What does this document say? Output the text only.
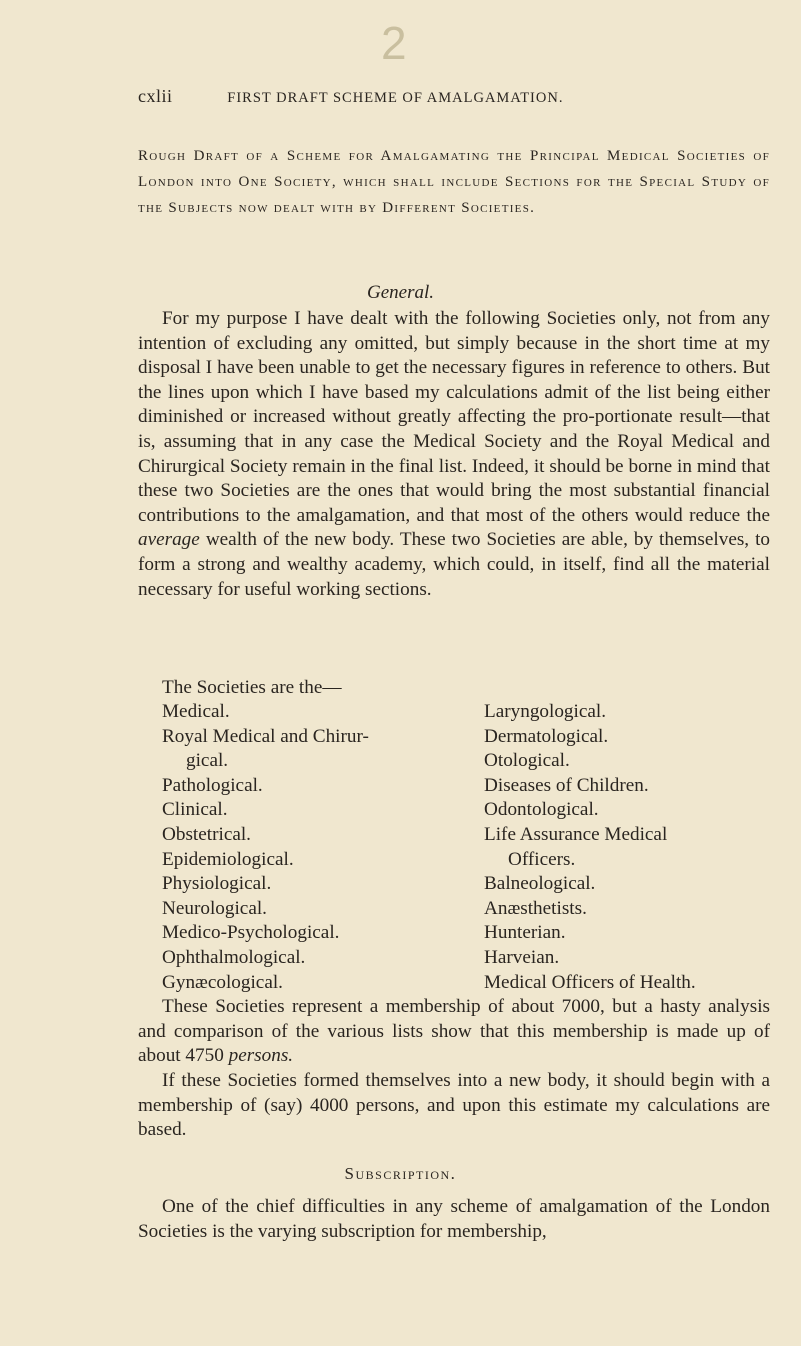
2
cxlii	FIRST DRAFT SCHEME OF AMALGAMATION.
Rough Draft of a Scheme for Amalgamating the Principal Medical Societies of London into One Society, which shall include Sections for the Special Study of the Subjects now dealt with by Different Societies.
General.
For my purpose I have dealt with the following Societies only, not from any intention of excluding any omitted, but simply because in the short time at my disposal I have been unable to get the necessary figures in reference to others. But the lines upon which I have based my calculations admit of the list being either diminished or increased without greatly affecting the pro-portionate result—that is, assuming that in any case the Medical Society and the Royal Medical and Chirurgical Society remain in the final list. Indeed, it should be borne in mind that these two Societies are the ones that would bring the most substantial financial contributions to the amalgamation, and that most of the others would reduce the average wealth of the new body. These two Societies are able, by themselves, to form a strong and wealthy academy, which could, in itself, find all the material necessary for useful working sections.
The Societies are the—
Medical.
Royal Medical and Chirur-
gical.
Pathological.
Clinical.
Obstetrical.
Epidemiological.
Physiological.
Neurological.
Medico-Psychological.
Ophthalmological.
Gynæcological.
Laryngological.
Dermatological.
Otological.
Diseases of Children.
Odontological.
Life Assurance Medical
Officers.
Balneological.
Anæsthetists.
Hunterian.
Harveian.
Medical Officers of Health.
These Societies represent a membership of about 7000, but a hasty analysis and comparison of the various lists show that this membership is made up of about 4750 persons.
If these Societies formed themselves into a new body, it should begin with a membership of (say) 4000 persons, and upon this estimate my calculations are based.
Subscription.
One of the chief difficulties in any scheme of amalgamation of the London Societies is the varying subscription for membership,
